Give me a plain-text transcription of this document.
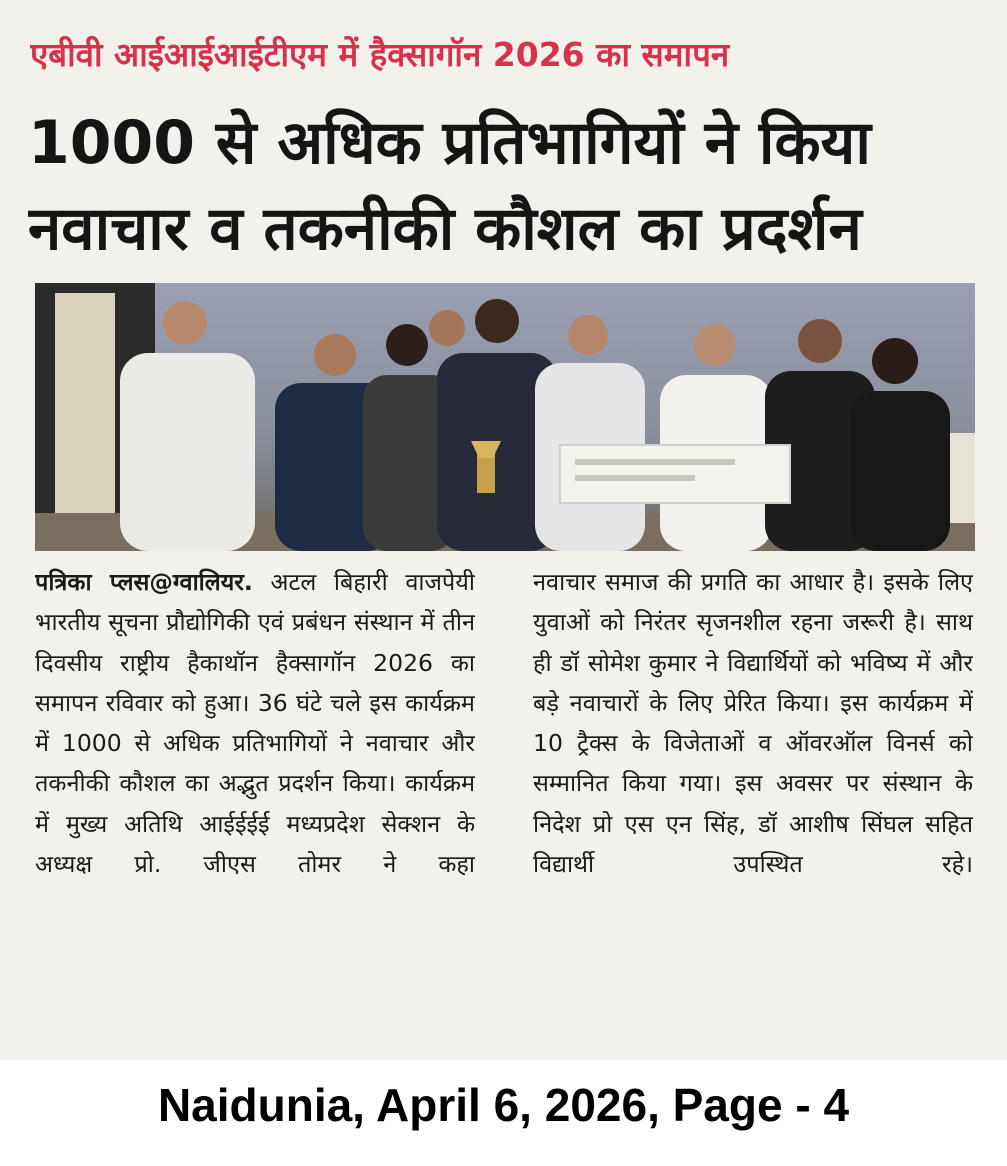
एबीवी आईआईआईटीएम में हैक्सागॉन 2026 का समापन
1000 से अधिक प्रतिभागियों ने किया
नवाचार व तकनीकी कौशल का प्रदर्शन
पत्रिका प्लस@ग्वालियर. अटल बिहारी वाजपेयी भारतीय सूचना प्रौद्योगिकी एवं प्रबंधन संस्थान में तीन दिवसीय राष्ट्रीय हैकाथॉन हैक्सागॉन 2026 का समापन रविवार को हुआ। 36 घंटे चले इस कार्यक्रम में 1000 से अधिक प्रतिभागियों ने नवाचार और तकनीकी कौशल का अद्भुत प्रदर्शन किया। कार्यक्रम में मुख्य अतिथि आईईईई मध्यप्रदेश सेक्शन के अध्यक्ष प्रो. जीएस तोमर ने कहा
नवाचार समाज की प्रगति का आधार है। इसके लिए युवाओं को निरंतर सृजनशील रहना जरूरी है। साथ ही डॉ सोमेश कुमार ने विद्यार्थियों को भविष्य में और बड़े नवाचारों के लिए प्रेरित किया। इस कार्यक्रम में 10 ट्रैक्स के विजेताओं व ऑवरऑल विनर्स को सम्मानित किया गया। इस अवसर पर संस्थान के निदेश प्रो एस एन सिंह, डॉ आशीष सिंघल सहित विद्यार्थी उपस्थित रहे।
Naidunia, April 6, 2026, Page - 4
